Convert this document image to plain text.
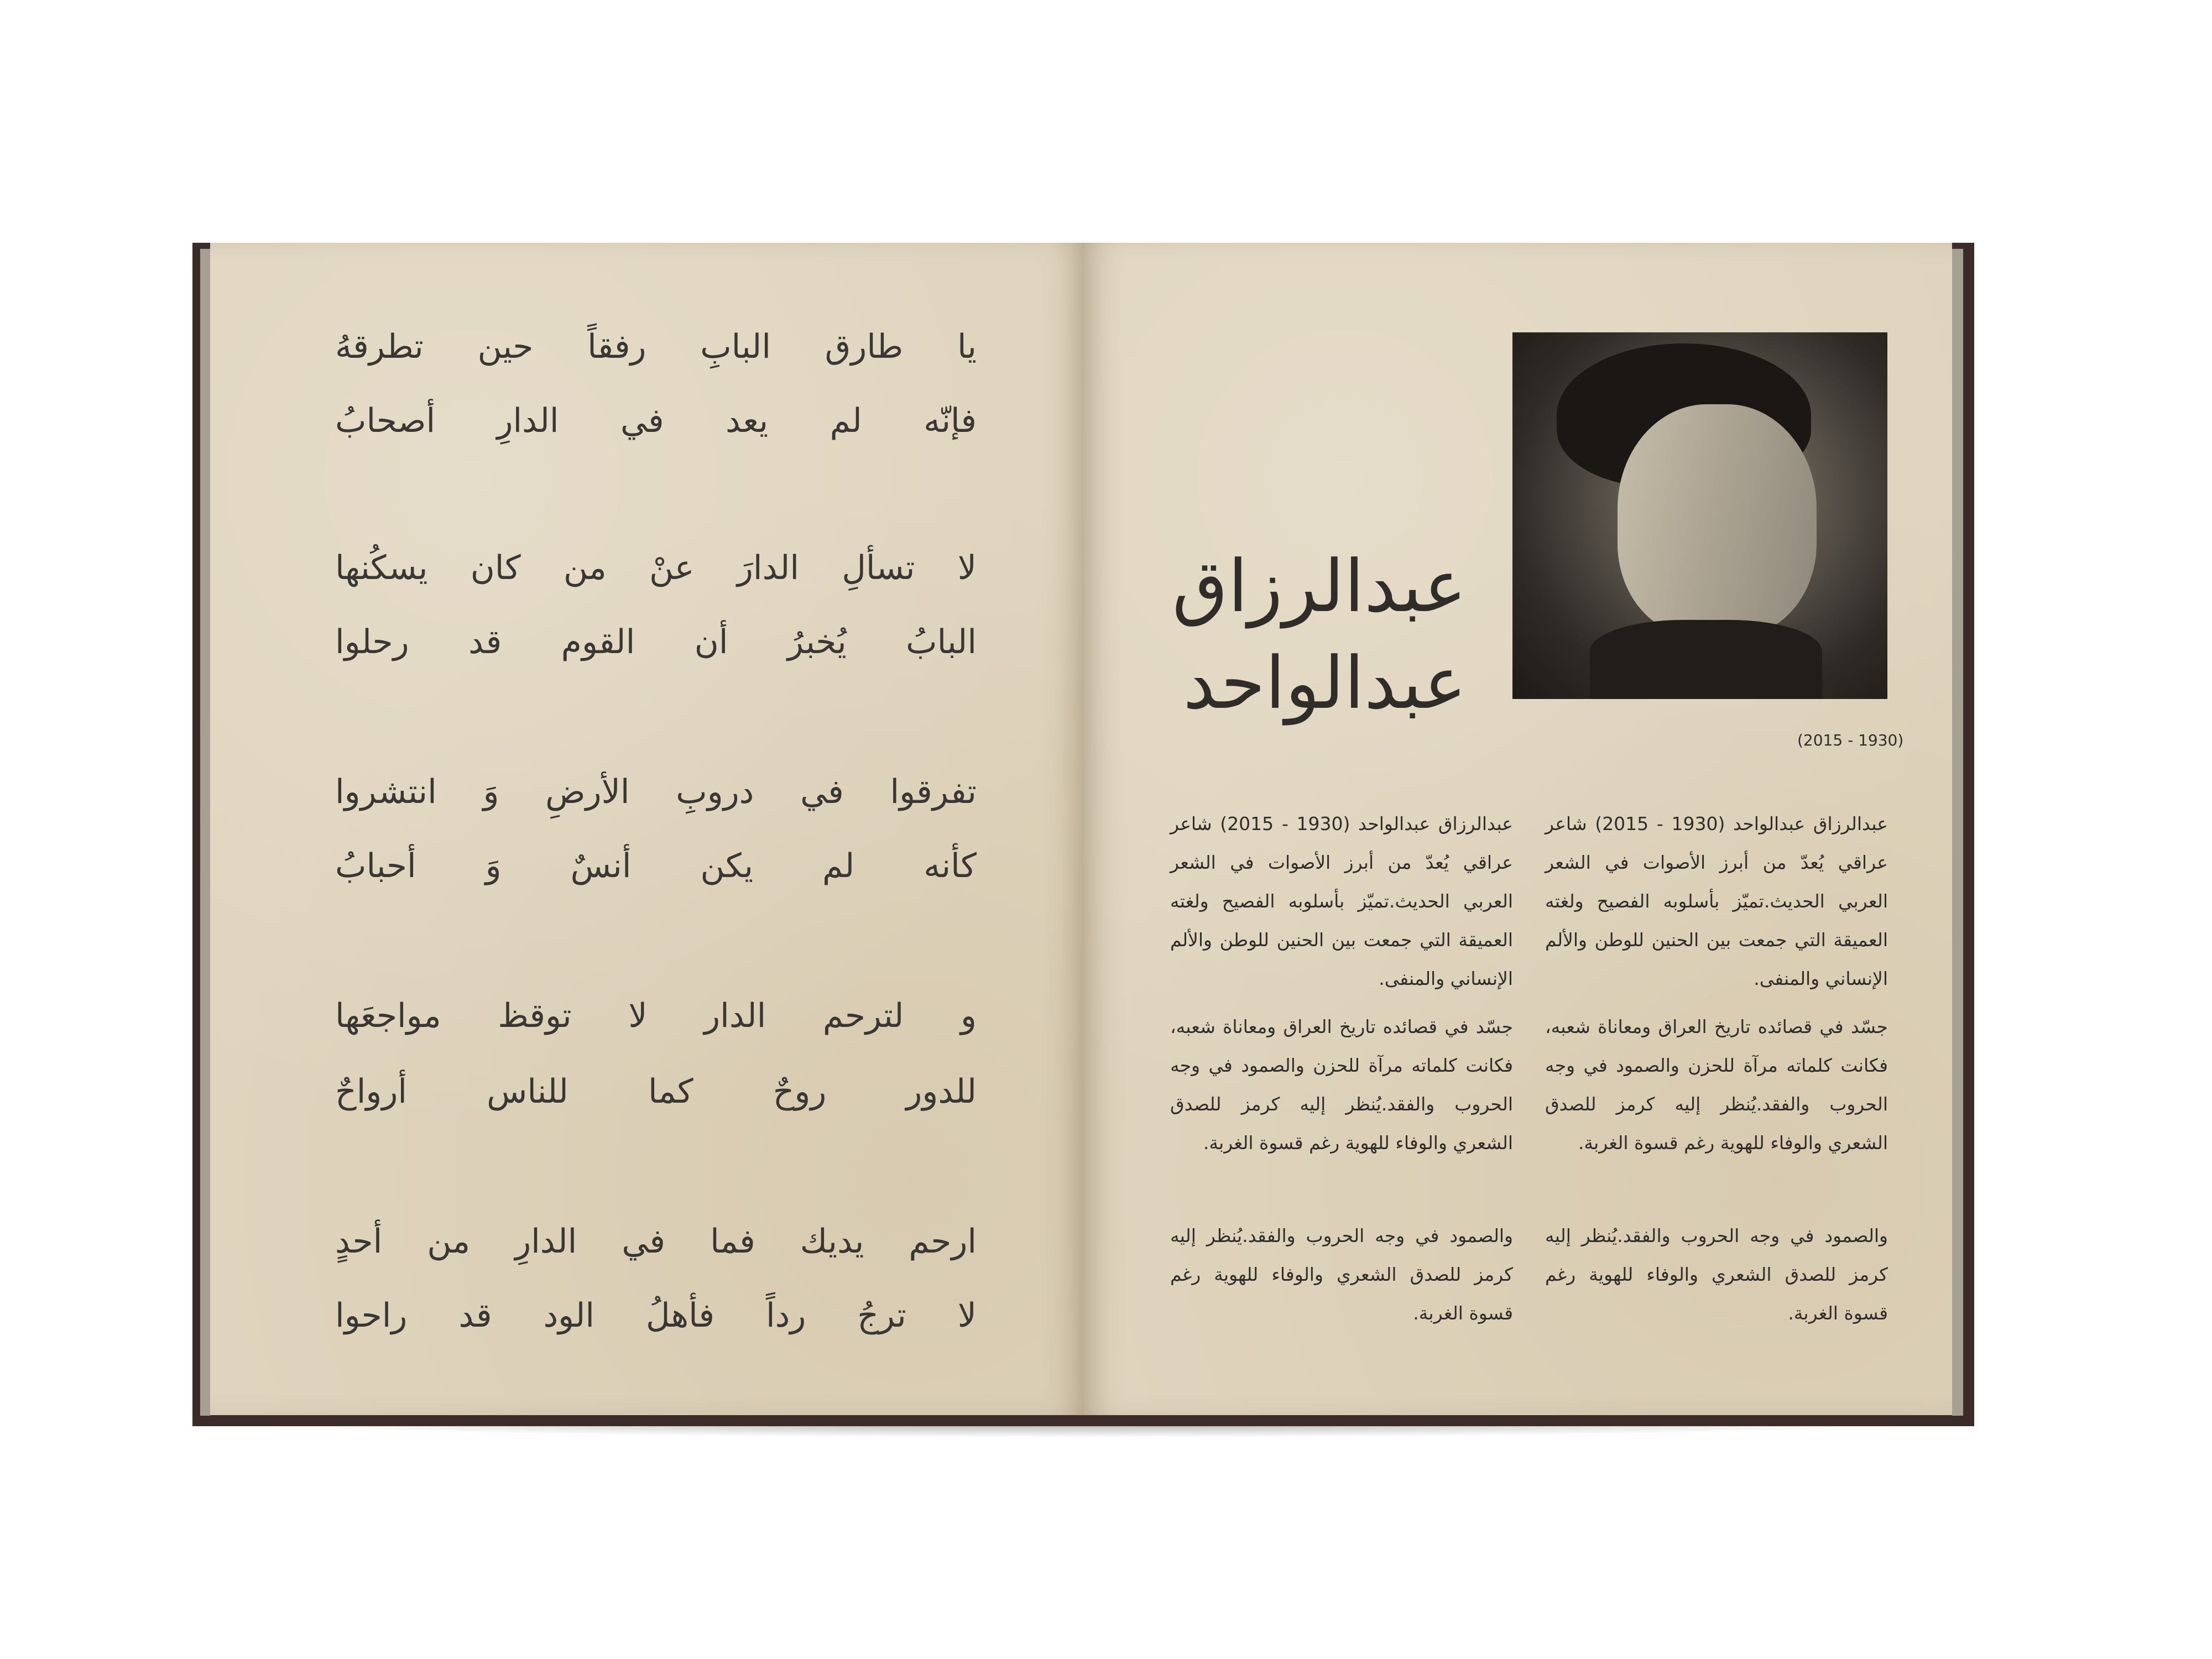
يا طارق البابِ رفقاً حين تطرقهُ
فإنّه لم يعد في الدارِ أصحابُ
لا تسألِ الدارَ عنْ من كان يسكُنها
البابُ يُخبرُ أن القوم قد رحلوا
تفرقوا في دروبِ الأرضِ وَ انتشروا
كأنه لم يكن أنسٌ وَ أحبابُ
و لترحم الدار لا توقظ مواجعَها
للدور روحٌ كما للناس أرواحٌ
ارحم يديك فما في الدارِ من أحدٍ
لا ترجُ رداً فأهلُ الود قد راحوا
عبدالرزاق
عبدالواحد
(2015 - 1930)
عبدالرزاق عبدالواحد (1930 - 2015) شاعر عراقي يُعدّ من أبرز الأصوات في الشعر العربي الحديث.تميّز بأسلوبه الفصيح ولغته العميقة التي جمعت بين الحنين للوطن والألم الإنساني والمنفى.
جسّد في قصائده تاريخ العراق ومعاناة شعبه، فكانت كلماته مرآة للحزن والصمود في وجه الحروب والفقد.يُنظر إليه كرمز للصدق الشعري والوفاء للهوية رغم قسوة الغربة.
والصمود في وجه الحروب والفقد.يُنظر إليه كرمز للصدق الشعري والوفاء للهوية رغم قسوة الغربة.
عبدالرزاق عبدالواحد (1930 - 2015) شاعر عراقي يُعدّ من أبرز الأصوات في الشعر العربي الحديث.تميّز بأسلوبه الفصيح ولغته العميقة التي جمعت بين الحنين للوطن والألم الإنساني والمنفى.
جسّد في قصائده تاريخ العراق ومعاناة شعبه، فكانت كلماته مرآة للحزن والصمود في وجه الحروب والفقد.يُنظر إليه كرمز للصدق الشعري والوفاء للهوية رغم قسوة الغربة.
والصمود في وجه الحروب والفقد.يُنظر إليه كرمز للصدق الشعري والوفاء للهوية رغم قسوة الغربة.
